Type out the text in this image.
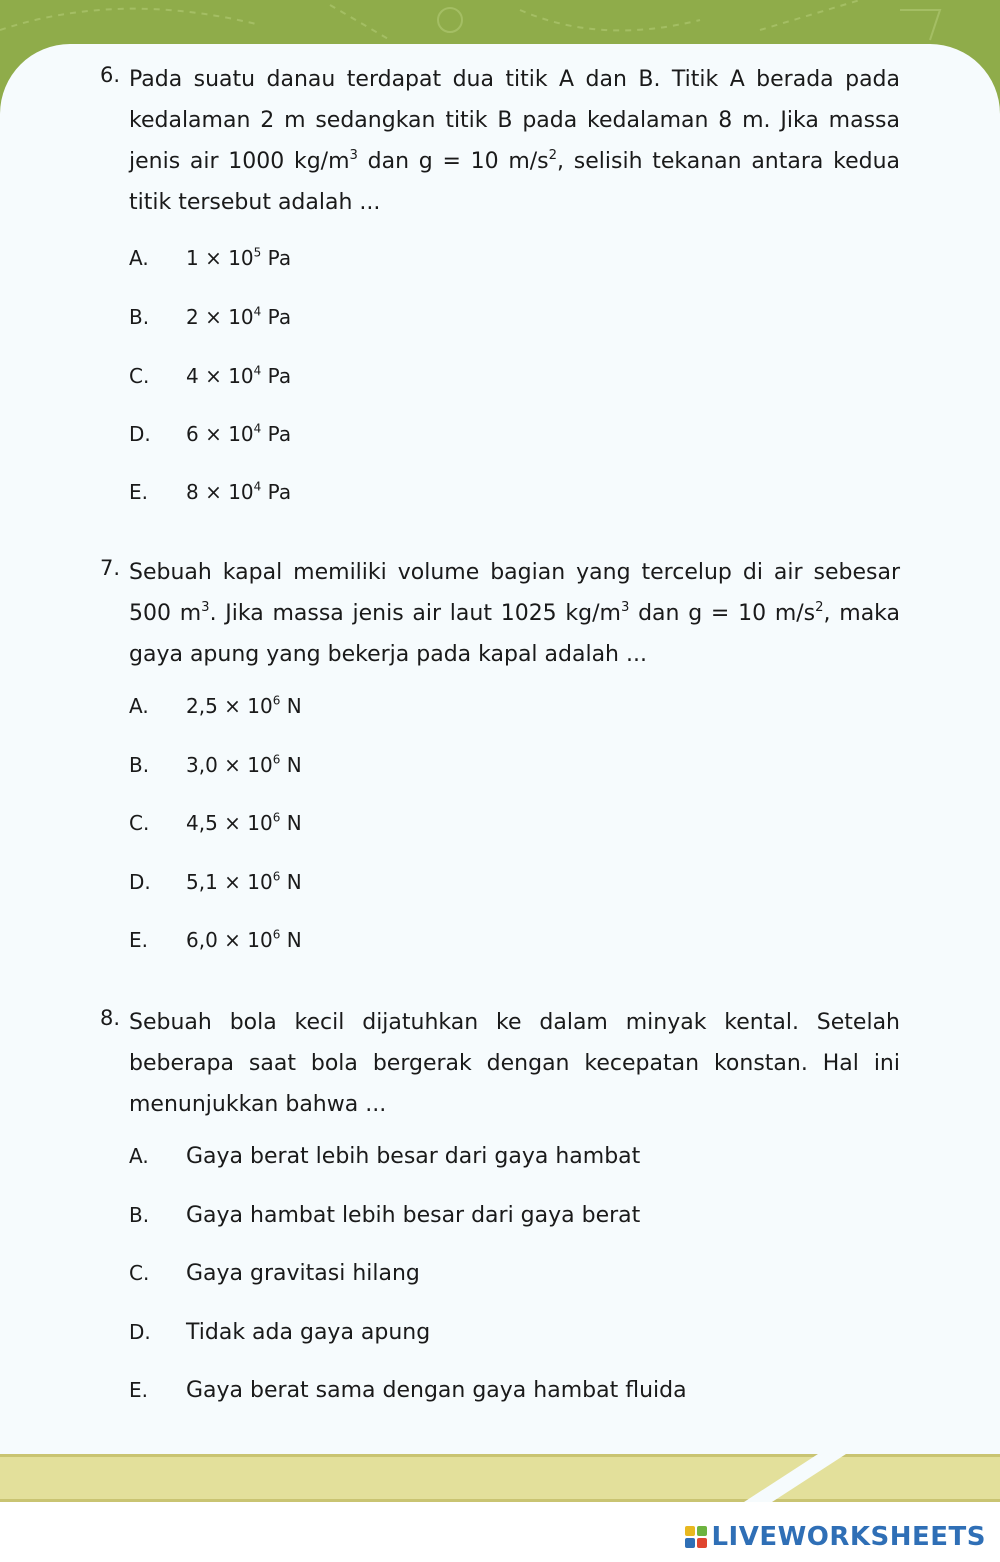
6. Pada suatu danau terdapat dua titik A dan B. Titik A berada pada kedalaman 2 m sedangkan titik B pada kedalaman 8 m. Jika massa jenis air 1000 $kg/m^3$ dan g = 10 $m/s^2$, selisih tekanan antara kedua titik tersebut adalah ...
A. $1 \times 10^5$ Pa
B. $2 \times 10^4$ Pa
C. $4 \times 10^4$ Pa
D. $6 \times 10^4$ Pa
E. $8 \times 10^4$ Pa
7. Sebuah kapal memiliki volume bagian yang tercelup di air sebesar 500 $m^3$. Jika massa jenis air laut 1025 $kg/m^3$ dan g = 10 $m/s^2$, maka gaya apung yang bekerja pada kapal adalah ...
A. $2,5 \times 10^6$ N
B. $3,0 \times 10^6$ N
C. $4,5 \times 10^6$ N
D. $5,1 \times 10^6$ N
E. $6,0 \times 10^6$ N
8. Sebuah bola kecil dijatuhkan ke dalam minyak kental. Setelah beberapa saat bola bergerak dengan kecepatan konstan. Hal ini menunjukkan bahwa ...
A. Gaya berat lebih besar dari gaya hambat
B. Gaya hambat lebih besar dari gaya berat
C. Gaya gravitasi hilang
D. Tidak ada gaya apung
E. Gaya berat sama dengan gaya hambat fluida
LIVEWORKSHEETS
